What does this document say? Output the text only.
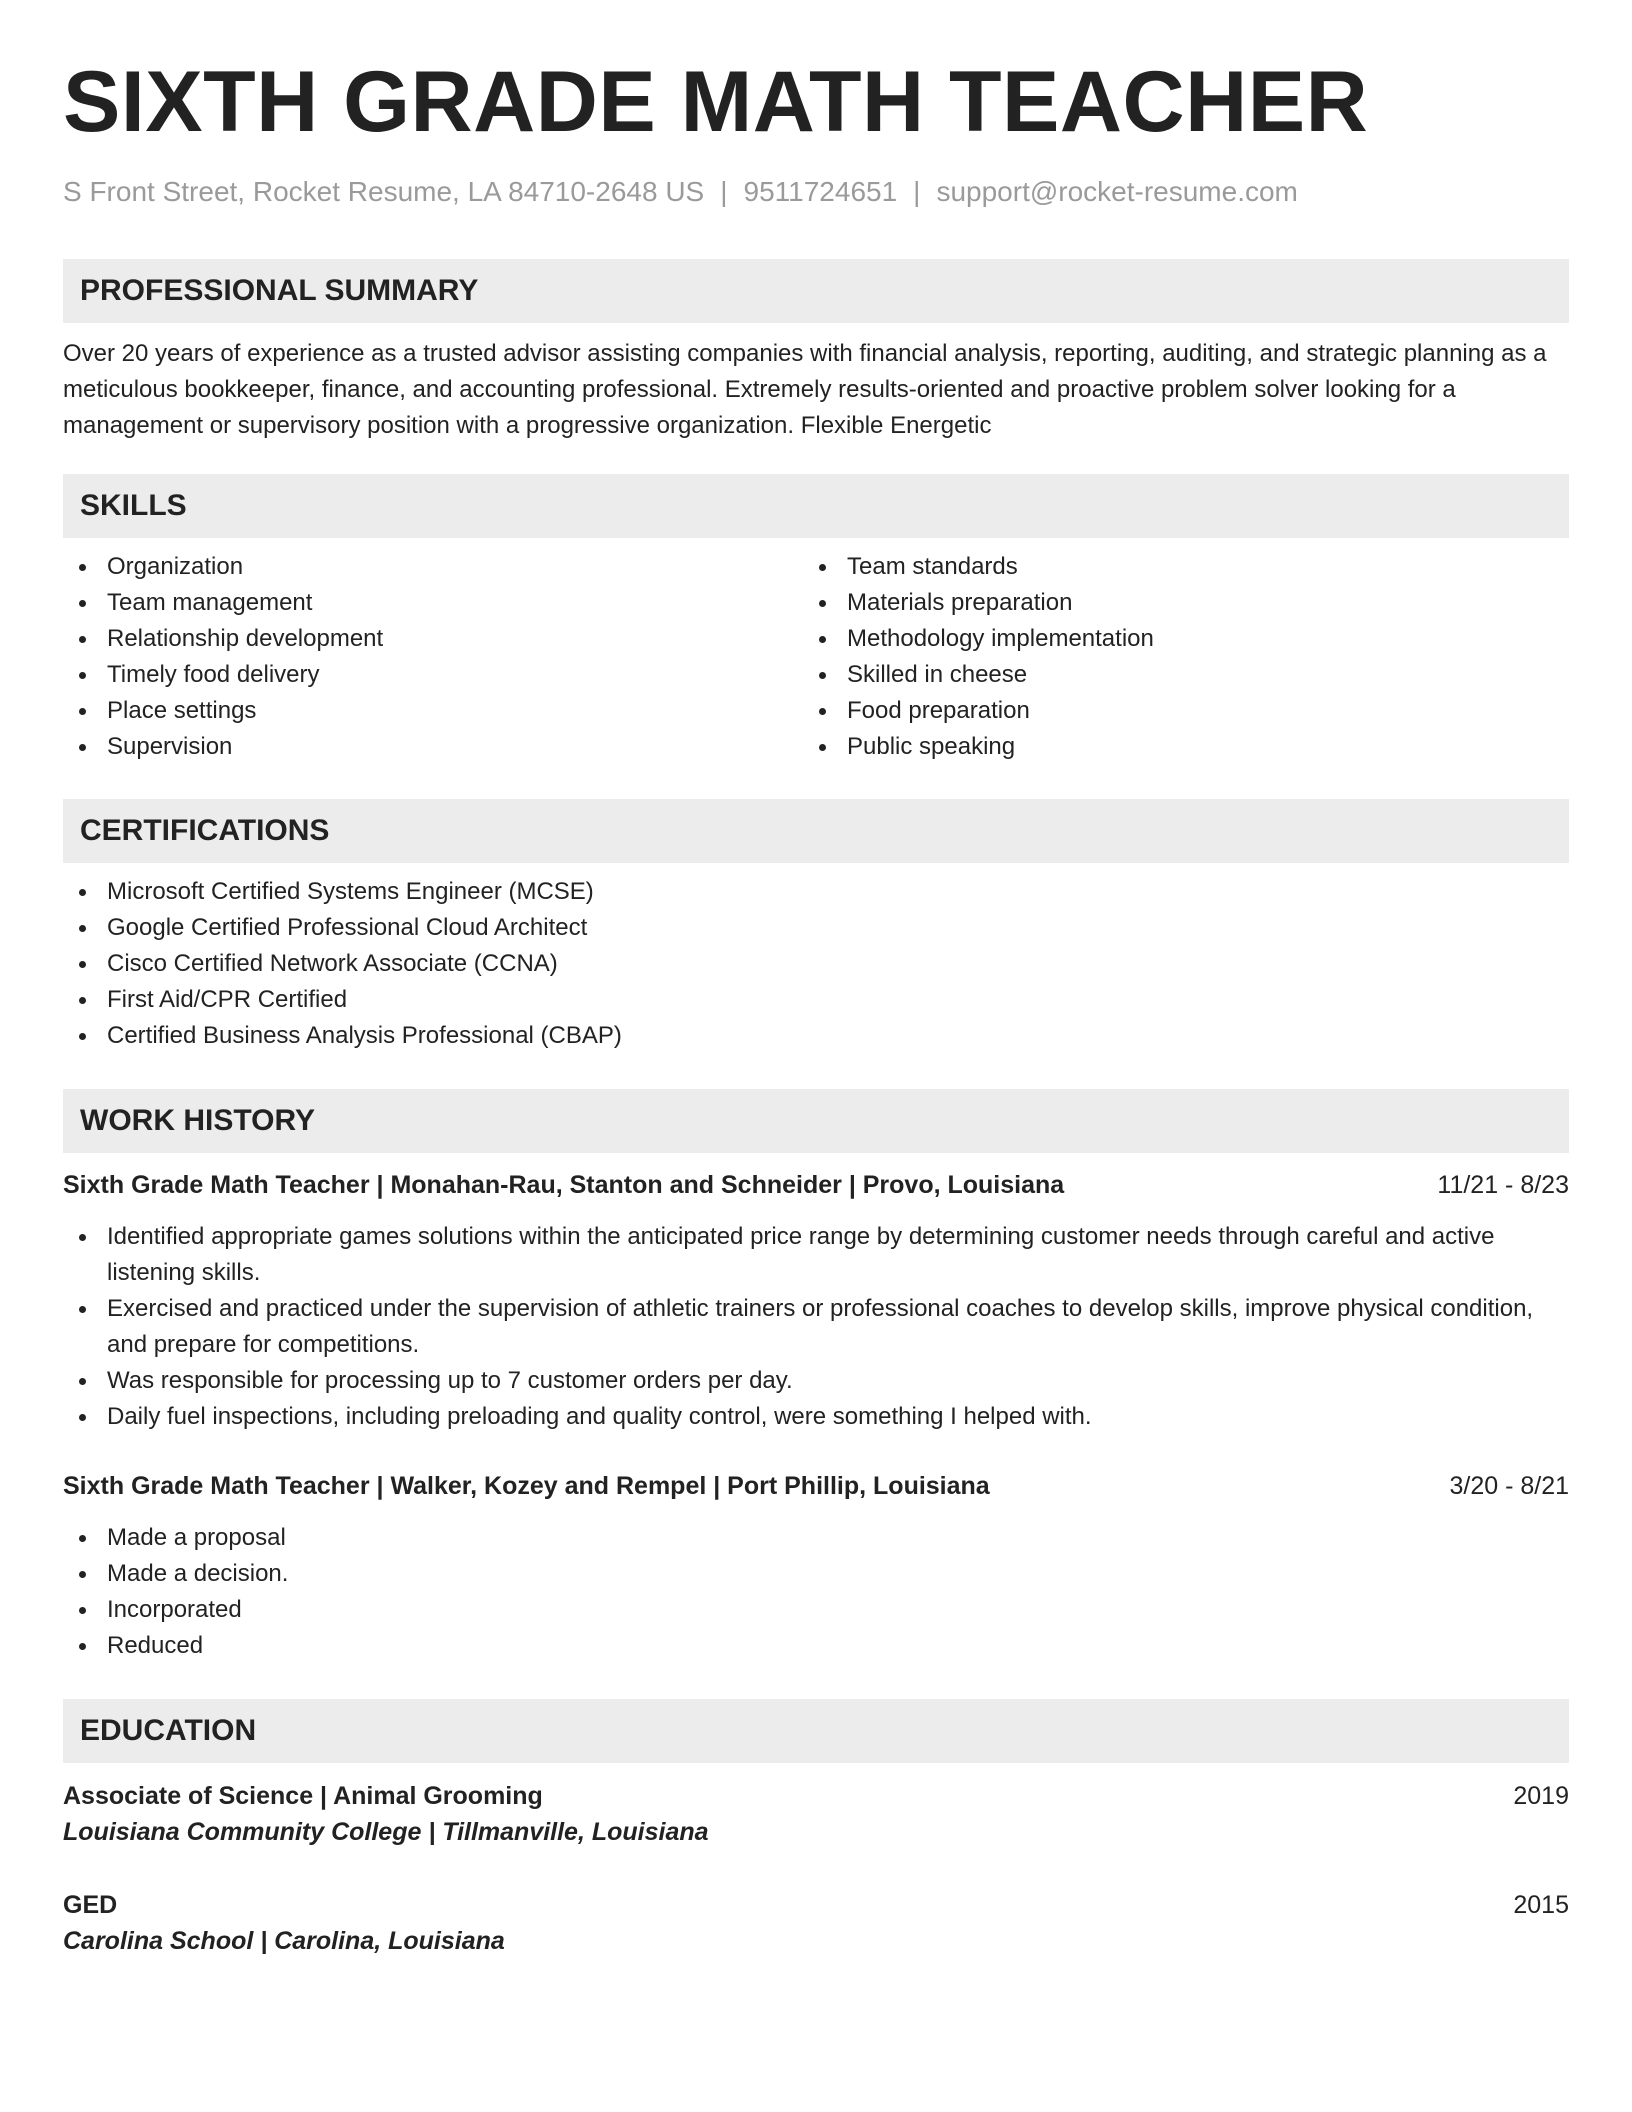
SIXTH GRADE MATH TEACHER
S Front Street, Rocket Resume, LA 84710-2648 US | 9511724651 | support@rocket-resume.com
PROFESSIONAL SUMMARY
Over 20 years of experience as a trusted advisor assisting companies with financial analysis, reporting, auditing, and strategic planning as a meticulous bookkeeper, finance, and accounting professional. Extremely results-oriented and proactive problem solver looking for a management or supervisory position with a progressive organization. Flexible Energetic
SKILLS
Organization
Team management
Relationship development
Timely food delivery
Place settings
Supervision
Team standards
Materials preparation
Methodology implementation
Skilled in cheese
Food preparation
Public speaking
CERTIFICATIONS
Microsoft Certified Systems Engineer (MCSE)
Google Certified Professional Cloud Architect
Cisco Certified Network Associate (CCNA)
First Aid/CPR Certified
Certified Business Analysis Professional (CBAP)
WORK HISTORY
Sixth Grade Math Teacher | Monahan-Rau, Stanton and Schneider | Provo, Louisiana	11/21 - 8/23
Identified appropriate games solutions within the anticipated price range by determining customer needs through careful and active listening skills.
Exercised and practiced under the supervision of athletic trainers or professional coaches to develop skills, improve physical condition, and prepare for competitions.
Was responsible for processing up to 7 customer orders per day.
Daily fuel inspections, including preloading and quality control, were something I helped with.
Sixth Grade Math Teacher | Walker, Kozey and Rempel | Port Phillip, Louisiana	3/20 - 8/21
Made a proposal
Made a decision.
Incorporated
Reduced
EDUCATION
Associate of Science | Animal Grooming	2019
Louisiana Community College | Tillmanville, Louisiana
GED	2015
Carolina School | Carolina, Louisiana
